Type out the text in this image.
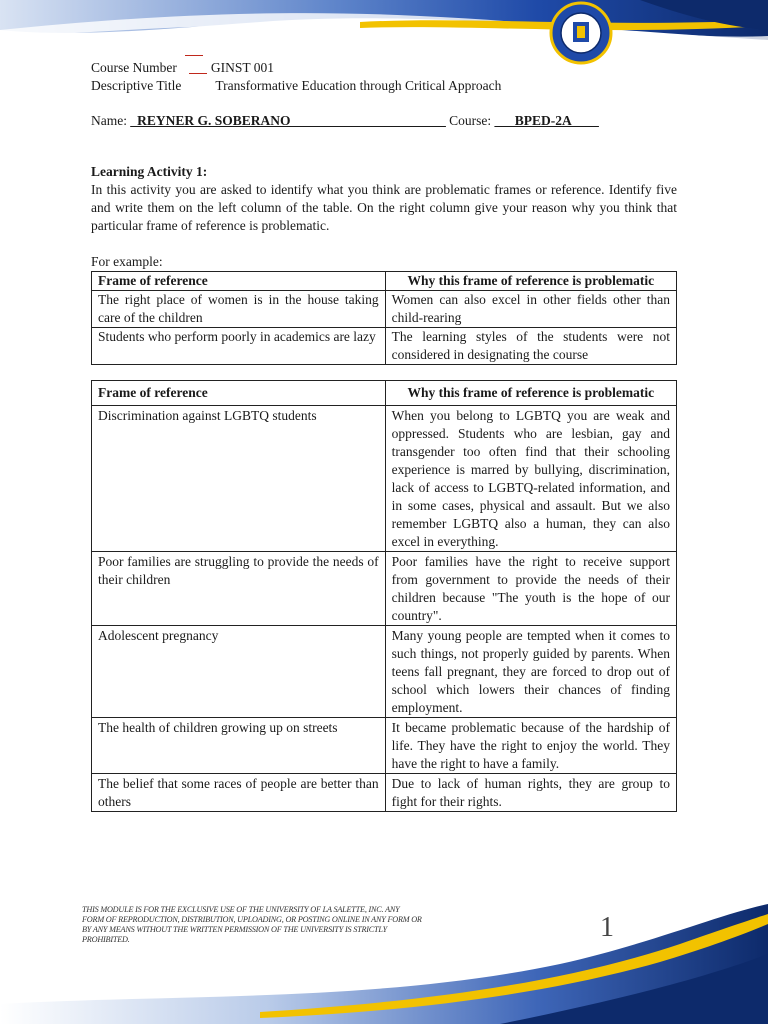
Course Number	GINST 001
Descriptive Title	Transformative Education through Critical Approach
Name: _REYNER G. SOBERANO_______________________ Course: ___BPED-2A____
Learning Activity 1:

In this activity you are asked to identify what you think are problematic frames or reference. Identify five and write them on the left column of the table. On the right column give your reason why you think that particular frame of reference is problematic.

For example:
Frame of reference	Why this frame of reference is problematic
The right place of women is in the house taking care of the children	Women can also excel in other fields other than child-rearing
Students who perform poorly in academics are lazy	The learning styles of the students were not considered in designating the course
Frame of reference	Why this frame of reference is problematic
Discrimination against LGBTQ students	When you belong to LGBTQ you are weak and oppressed. Students who are lesbian, gay and transgender too often find that their schooling experience is marred by bullying, discrimination, lack of access to LGBTQ-related information, and in some cases, physical and assault. But we also remember LGBTQ also a human, they can also excel in everything.
Poor families are struggling to provide the needs of their children	Poor families have the right to receive support from government to provide the needs of their children because "The youth is the hope of our country".
Adolescent pregnancy	Many young people are tempted when it comes to such things, not properly guided by parents. When teens fall pregnant, they are forced to drop out of school which lowers their chances of finding employment.
The health of children growing up on streets	It became problematic because of the hardship of life. They have the right to enjoy the world. They have the right to have a family.
The belief that some races of people are better than others	Due to lack of human rights, they are group to fight for their rights.
THIS MODULE IS FOR THE EXCLUSIVE USE OF THE UNIVERSITY OF LA SALETTE, INC. ANY FORM OF REPRODUCTION, DISTRIBUTION, UPLOADING, OR POSTING ONLINE IN ANY FORM OR BY ANY MEANS WITHOUT THE WRITTEN PERMISSION OF THE UNIVERSITY IS STRICTLY PROHIBITED.	1
